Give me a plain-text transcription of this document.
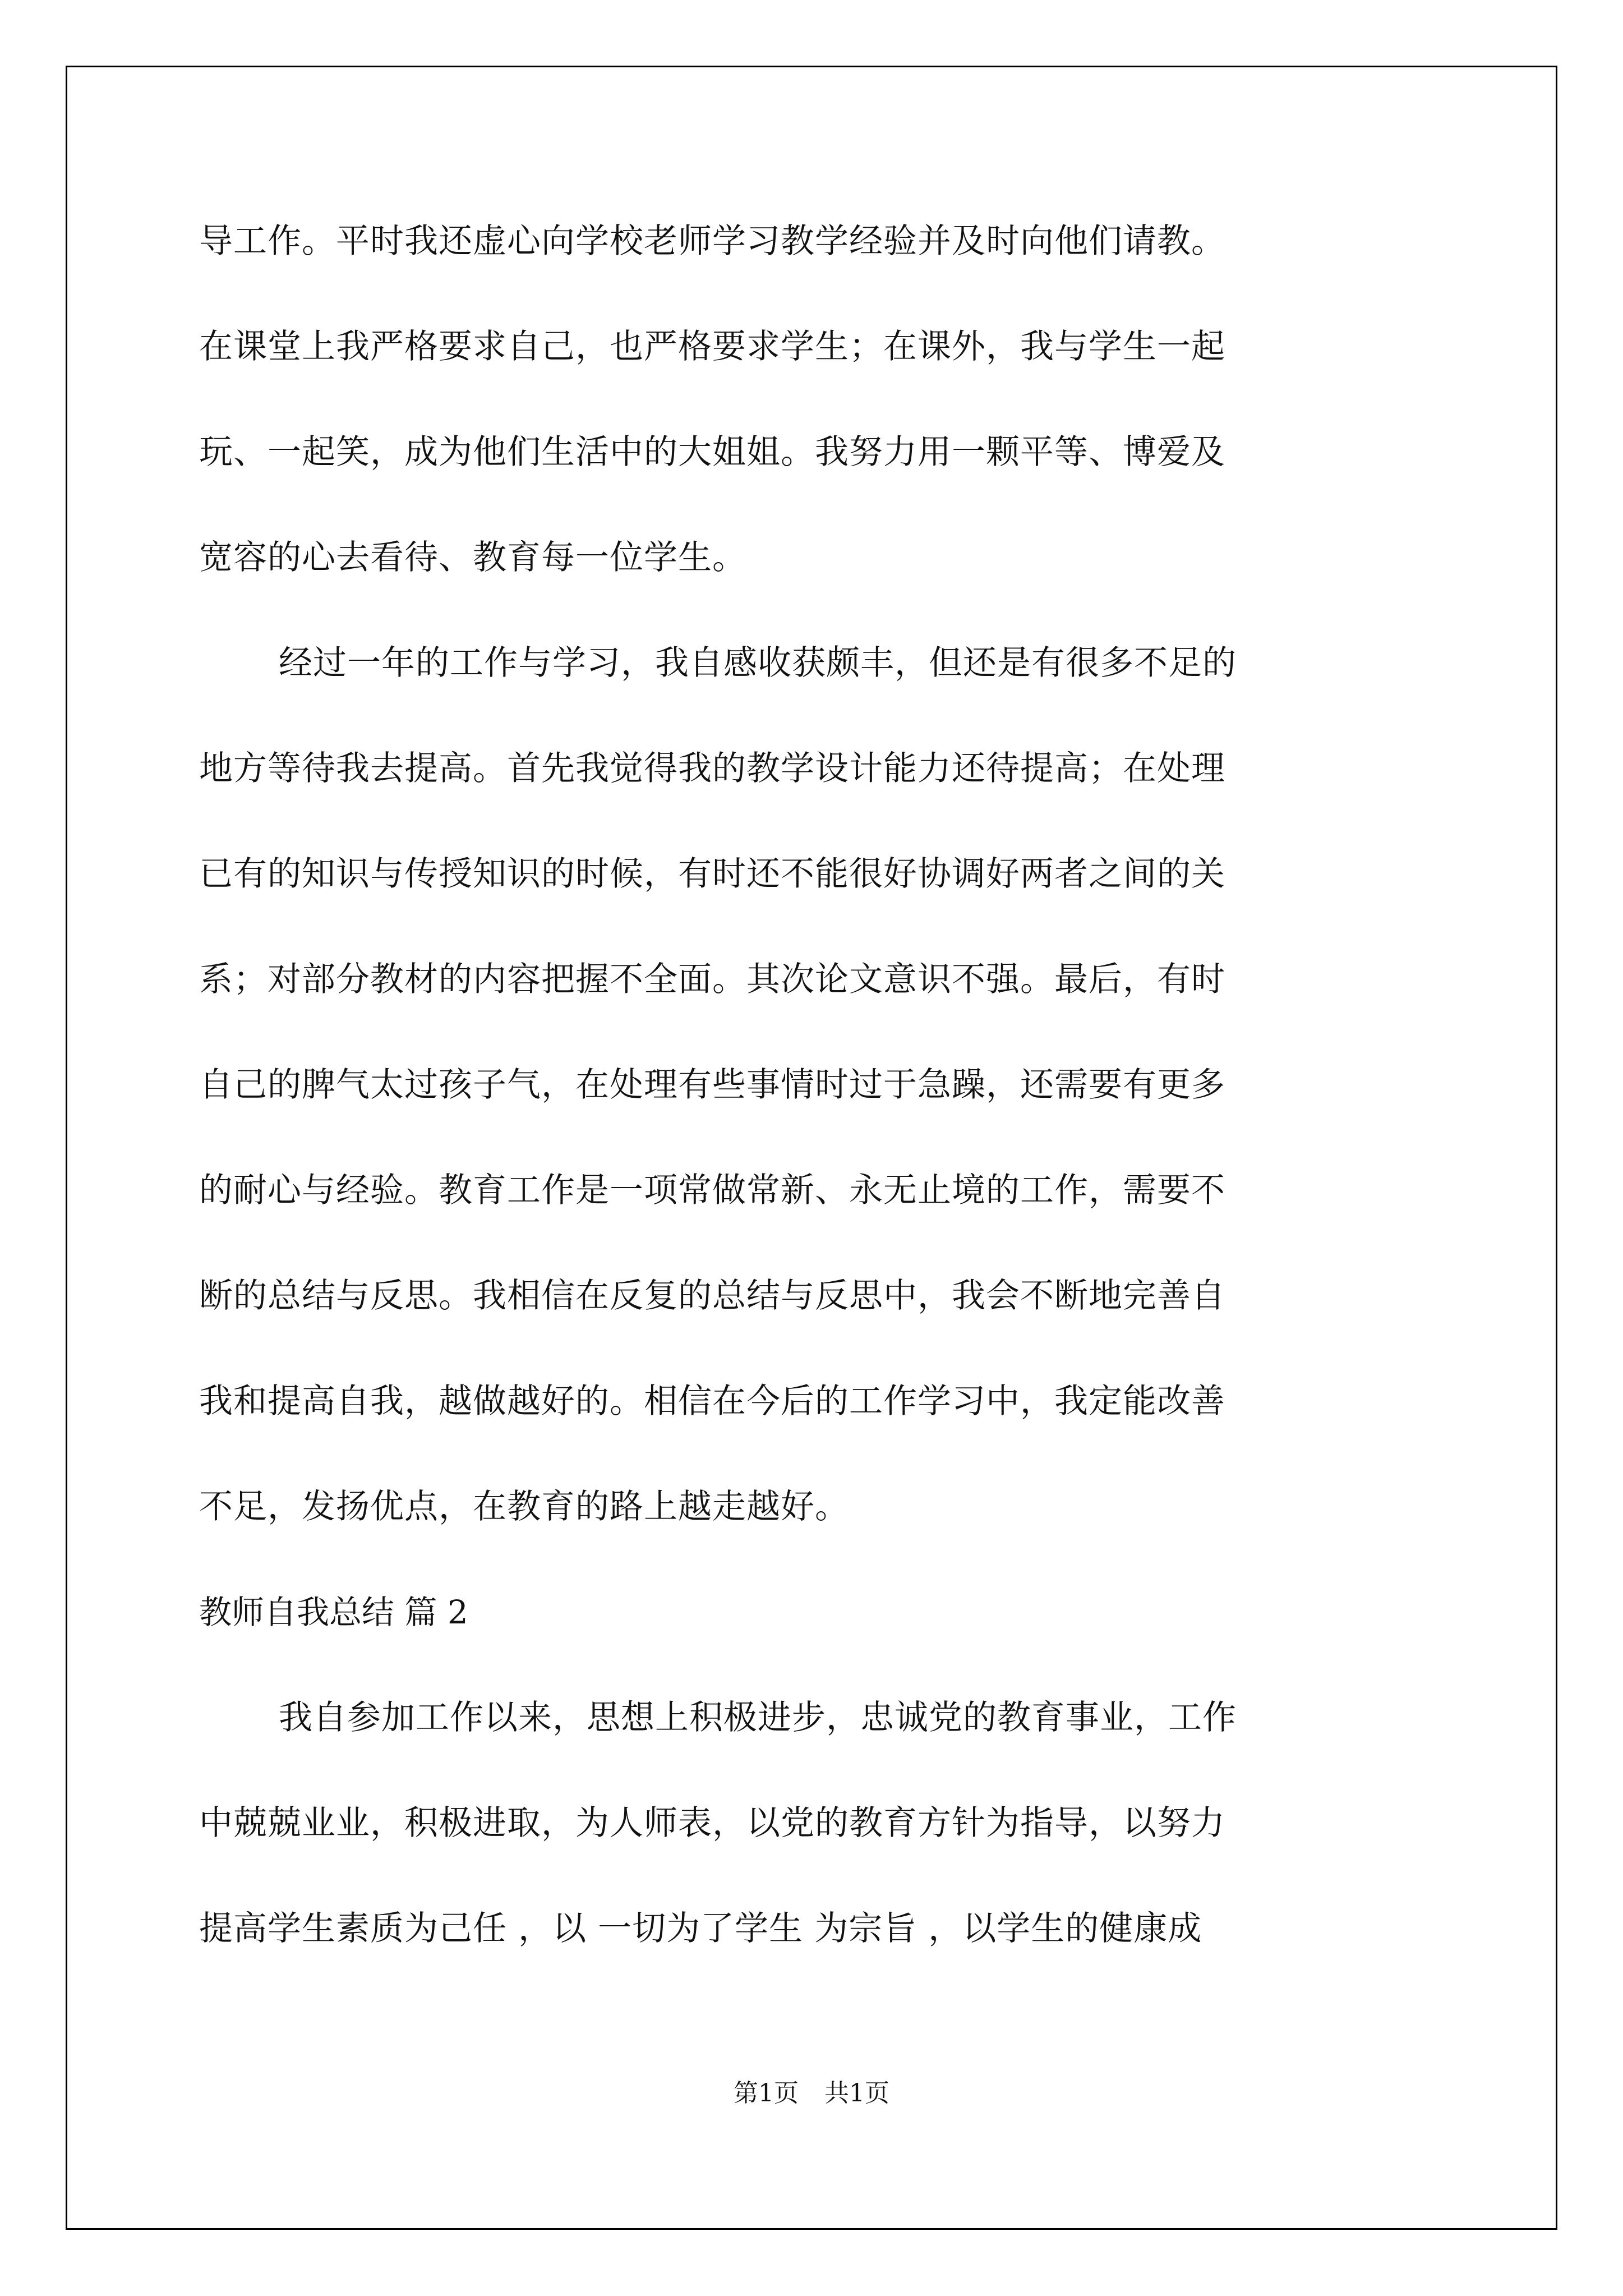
导工作。平时我还虚心向学校老师学习教学经验并及时向他们请教。
在课堂上我严格要求自己，也严格要求学生；在课外，我与学生一起
玩、一起笑，成为他们生活中的大姐姐。我努力用一颗平等、博爱及
宽容的心去看待、教育每一位学生。
经过一年的工作与学习，我自感收获颇丰，但还是有很多不足的
地方等待我去提高。首先我觉得我的教学设计能力还待提高；在处理
已有的知识与传授知识的时候，有时还不能很好协调好两者之间的关
系；对部分教材的内容把握不全面。其次论文意识不强。最后，有时
自己的脾气太过孩子气，在处理有些事情时过于急躁，还需要有更多
的耐心与经验。教育工作是一项常做常新、永无止境的工作，需要不
断的总结与反思。我相信在反复的总结与反思中，我会不断地完善自
我和提高自我，越做越好的。相信在今后的工作学习中，我定能改善
不足，发扬优点，在教育的路上越走越好。
教师自我总结 篇 2
我自参加工作以来，思想上积极进步，忠诚党的教育事业，工作
中兢兢业业，积极进取，为人师表，以党的教育方针为指导，以努力
提高学生素质为己任 ，以 一切为了学生 为宗旨 ，以学生的健康成
第1页 共1页
